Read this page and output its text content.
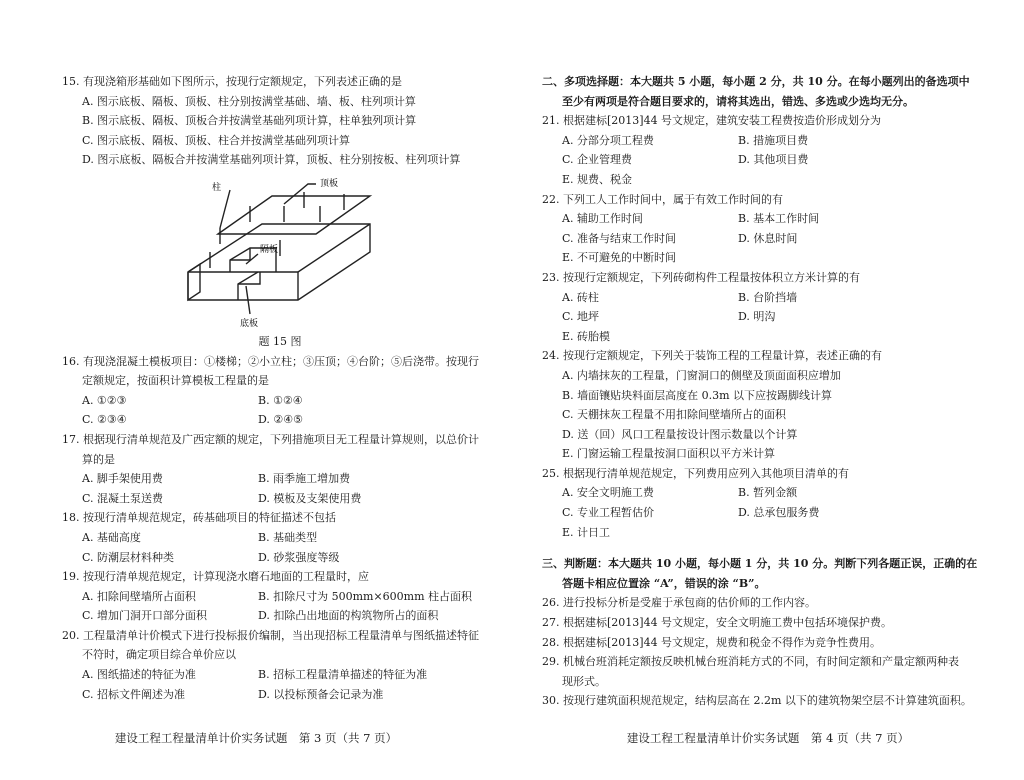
15. 有现浇箱形基础如下图所示，按现行定额规定，下列表述正确的是
A. 图示底板、隔板、顶板、柱分别按满堂基础、墙、板、柱列项计算
B. 图示底板、隔板、顶板合并按满堂基础列项计算，柱单独列项计算
C. 图示底板、隔板、顶板、柱合并按满堂基础列项计算
D. 图示底板、隔板合并按满堂基础列项计算，顶板、柱分别按板、柱列项计算
顶板
柱
隔板
底板
题 15 图
16. 有现浇混凝土模板项目：①楼梯；②小立柱；③压顶；④台阶；⑤后浇带。按现行
定额规定，按面积计算模板工程量的是
A. ①②③	B. ①②④
C. ②③④	D. ②④⑤
17. 根据现行清单规范及广西定额的规定，下列措施项目无工程量计算规则，以总价计
算的是
A. 脚手架使用费	B. 雨季施工增加费
C. 混凝土泵送费	D. 模板及支架使用费
18. 按现行清单规范规定，砖基础项目的特征描述不包括
A. 基础高度	B. 基础类型
C. 防潮层材料种类	D. 砂浆强度等级
19. 按现行清单规范规定，计算现浇水磨石地面的工程量时，应
A. 扣除间壁墙所占面积	B. 扣除尺寸为 500mm×600mm 柱占面积
C. 增加门洞开口部分面积	D. 扣除凸出地面的构筑物所占的面积
20. 工程量清单计价模式下进行投标报价编制，当出现招标工程量清单与图纸描述特征
不符时，确定项目综合单价应以
A. 图纸描述的特征为准	B. 招标工程量清单描述的特征为准
C. 招标文件阐述为准	D. 以投标预备会记录为准
建设工程工程量清单计价实务试题　第 3 页（共 7 页）
二、多项选择题：本大题共 5 小题，每小题 2 分，共 10 分。在每小题列出的备选项中
至少有两项是符合题目要求的，请将其选出，错选、多选或少选均无分。
21. 根据建标[2013]44 号文规定，建筑安装工程费按造价形成划分为
A. 分部分项工程费	B. 措施项目费
C. 企业管理费	D. 其他项目费
E. 规费、税金
22. 下列工人工作时间中，属于有效工作时间的有
A. 辅助工作时间	B. 基本工作时间
C. 准备与结束工作时间	D. 休息时间
E. 不可避免的中断时间
23. 按现行定额规定，下列砖砌构件工程量按体积立方米计算的有
A. 砖柱	B. 台阶挡墙
C. 地坪	D. 明沟
E. 砖胎模
24. 按现行定额规定，下列关于装饰工程的工程量计算，表述正确的有
A. 内墙抹灰的工程量，门窗洞口的侧壁及顶面面积应增加
B. 墙面镶贴块料面层高度在 0.3m 以下应按踢脚线计算
C. 天棚抹灰工程量不用扣除间壁墙所占的面积
D. 送（回）风口工程量按设计图示数量以个计算
E. 门窗运输工程量按洞口面积以平方米计算
25. 根据现行清单规范规定，下列费用应列入其他项目清单的有
A. 安全文明施工费	B. 暂列金额
C. 专业工程暂估价	D. 总承包服务费
E. 计日工
三、判断题：本大题共 10 小题，每小题 1 分，共 10 分。判断下列各题正误，正确的在
答题卡相应位置涂 “A”，错误的涂 “B”。
26. 进行投标分析是受雇于承包商的估价师的工作内容。
27. 根据建标[2013]44 号文规定，安全文明施工费中包括环境保护费。
28. 根据建标[2013]44 号文规定，规费和税金不得作为竞争性费用。
29. 机械台班消耗定额按反映机械台班消耗方式的不同，有时间定额和产量定额两种表
现形式。
30. 按现行建筑面积规范规定，结构层高在 2.2m 以下的建筑物架空层不计算建筑面积。
建设工程工程量清单计价实务试题　第 4 页（共 7 页）
